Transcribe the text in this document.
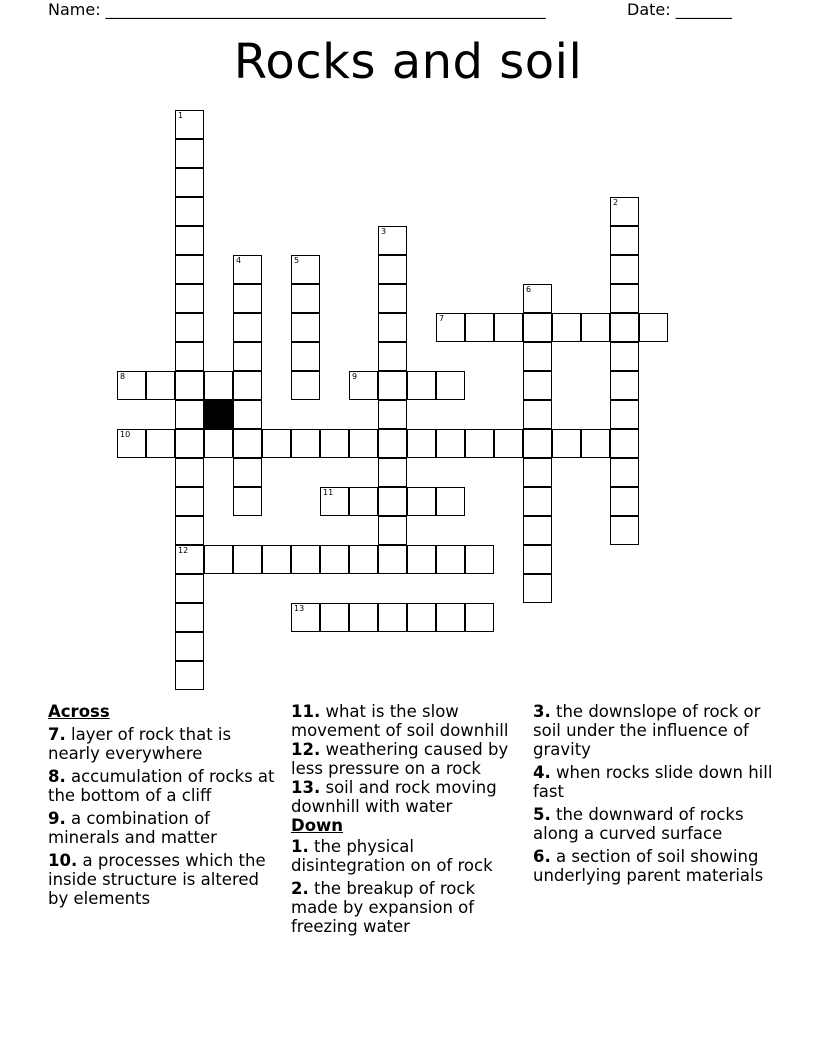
Name: _______________________________________________________	Date: _______
Rocks and soil
1
12
2
3
4	5
6
7
8	9
10
11
13
Across
7. layer of rock that is nearly everywhere
8. accumulation of rocks at the bottom of a cliff
9. a combination of minerals and matter
10. a processes which the inside structure is altered by elements
11. what is the slow movement of soil downhill
12. weathering caused by less pressure on a rock
13. soil and rock moving downhill with water
Down
1. the physical disintegration on of rock
2. the breakup of rock made by expansion of freezing water
3. the downslope of rock or soil under the influence of gravity
4. when rocks slide down hill fast
5. the downward of rocks along a curved surface
6. a section of soil showing underlying parent materials
